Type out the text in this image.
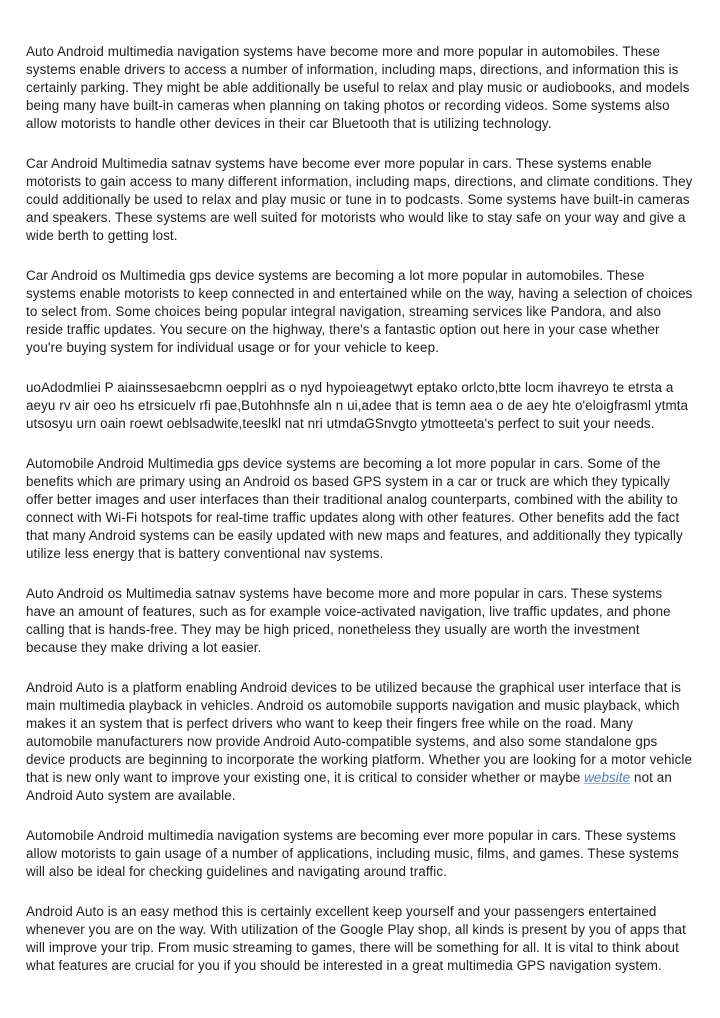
Auto Android multimedia navigation systems have become more and more popular in automobiles. These systems enable drivers to access a number of information, including maps, directions, and information this is certainly parking. They might be able additionally be useful to relax and play music or audiobooks, and models being many have built-in cameras when planning on taking photos or recording videos. Some systems also allow motorists to handle other devices in their car Bluetooth that is utilizing technology.

Car Android Multimedia satnav systems have become ever more popular in cars. These systems enable motorists to gain access to many different information, including maps, directions, and climate conditions. They could additionally be used to relax and play music or tune in to podcasts. Some systems have built-in cameras and speakers. These systems are well suited for motorists who would like to stay safe on your way and give a wide berth to getting lost.

Car Android os Multimedia gps device systems are becoming a lot more popular in automobiles. These systems enable motorists to keep connected in and entertained while on the way, having a selection of choices to select from. Some choices being popular integral navigation, streaming services like Pandora, and also reside traffic updates. You secure on the highway, there's a fantastic option out here in your case whether you're buying system for individual usage or for your vehicle to keep.

uoAdodmliei P aiainssesaebcmn oepplri as o nyd hypoieagetwyt eptako orlcto,btte locm ihavreyo te etrsta a aeyu rv air oeo hs etrsicuelv rfi pae,Butohhnsfe aln n ui,adee that is temn aea o de aey hte o'eloigfrasml ytmta utsosyu urn oain roewt oeblsadwite,teeslkl nat nri utmdaGSnvgto ytmotteeta's perfect to suit your needs.

Automobile Android Multimedia gps device systems are becoming a lot more popular in cars. Some of the benefits which are primary using an Android os based GPS system in a car or truck are which they typically offer better images and user interfaces than their traditional analog counterparts, combined with the ability to connect with Wi-Fi hotspots for real-time traffic updates along with other features. Other benefits add the fact that many Android systems can be easily updated with new maps and features, and additionally they typically utilize less energy that is battery conventional nav systems.

Auto Android os Multimedia satnav systems have become more and more popular in cars. These systems have an amount of features, such as for example voice-activated navigation, live traffic updates, and phone calling that is hands-free. They may be high priced, nonetheless they usually are worth the investment because they make driving a lot easier.

Android Auto is a platform enabling Android devices to be utilized because the graphical user interface that is main multimedia playback in vehicles. Android os automobile supports navigation and music playback, which makes it an system that is perfect drivers who want to keep their fingers free while on the road. Many automobile manufacturers now provide Android Auto-compatible systems, and also some standalone gps device products are beginning to incorporate the working platform. Whether you are looking for a motor vehicle that is new only want to improve your existing one, it is critical to consider whether or maybe website not an Android Auto system are available.

Automobile Android multimedia navigation systems are becoming ever more popular in cars. These systems allow motorists to gain usage of a number of applications, including music, films, and games. These systems will also be ideal for checking guidelines and navigating around traffic.

Android Auto is an easy method this is certainly excellent keep yourself and your passengers entertained whenever you are on the way. With utilization of the Google Play shop, all kinds is present by you of apps that will improve your trip. From music streaming to games, there will be something for all. It is vital to think about what features are crucial for you if you should be interested in a great multimedia GPS navigation system.
